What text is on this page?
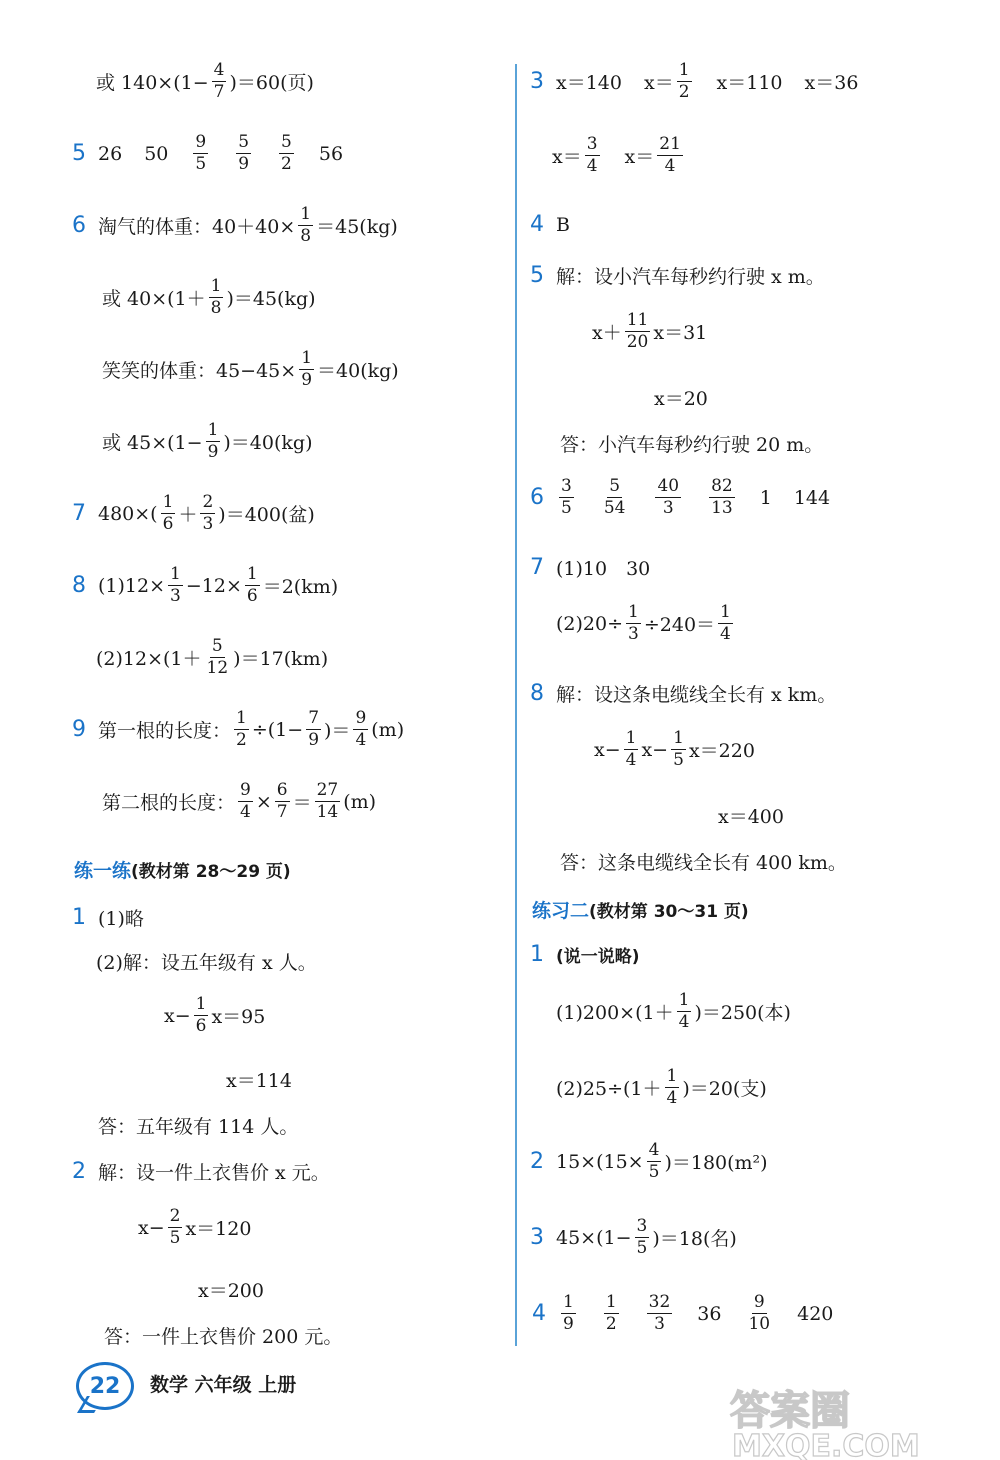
或 $140\times(1- \frac{4}{7} )=60$(页)
5 26 $50 \frac{9}{5} \frac{5}{9} \frac{5}{2} 56$
6 淘气的体重：$40+40\times \frac{1}{8} =45(kg)$
或 $40\times(1+ \frac{1}{8} )=45(kg)$
笑笑的体重：$45-45\times \frac{1}{9} =40(kg)$
或 $45\times(1- \frac{1}{9} )=40(kg)$
7 $480\times( \frac{1}{6} + \frac{2}{3} )=400$(盆)
8 $(1)12\times \frac{1}{3} -12\times \frac{1}{6} =2(km)$
$(2)12\times(1+ \frac{5}{12} )=17(km)$
9 第一根的长度： $\frac{1}{2} \div(1- \frac{7}{9}$ )＝ $\frac{9}{4} (m)$
第二根的长度： $\frac{9}{4} \times \frac{6}{7} = \frac{27}{14} (m)$
练一练 (教材第 28～29 页)
1 (1)略
(2)解：设五年级有 x 人。
$x- \frac{1}{6} x=95$
x＝114
答：五年级有 114 人。
2 解：设一件上衣售价 x 元。
$x- \frac{2}{5} x=120$
x＝200
答：一件上衣售价 200 元。
3 x＝140 $x= \frac{1}{2} x=110$ x＝36
$x= \frac{3}{4} x= \frac{21}{4}$
4 B
5 解：设小汽车每秒约行驶 x m。
$x+ \frac{11}{20} x=31$
x＝20
答：小汽车每秒约行驶 20 m。
$6 \frac{3}{5} \frac{5}{54} \frac{40}{3} \frac{82}{13} 1$ 144
7 (1)10　30
$(2)20\div \frac{1}{3} \div 240= \frac{1}{4}$
8 解：设这条电缆线全长有 x km。
$x- \frac{1}{4} x- \frac{1}{5} x=220$
x＝400
答：这条电缆线全长有 400 km。
练习二 (教材第 30～31 页)
1 (说一说略)
$(1)200\times(1+ \frac{1}{4} )=250$(本)
$(2)25\div(1+ \frac{1}{4} )=20$(支)
2 $15\times(15\times \frac{4}{5} )=180(m^2)$
3 $45\times(1- \frac{3}{5} )=18$(名)
$4 \frac{1}{9} \frac{1}{2} \frac{32}{3} 36 \frac{9}{10} 420$
22	数学 六年级 上册
答案圈
MXQE.COM
